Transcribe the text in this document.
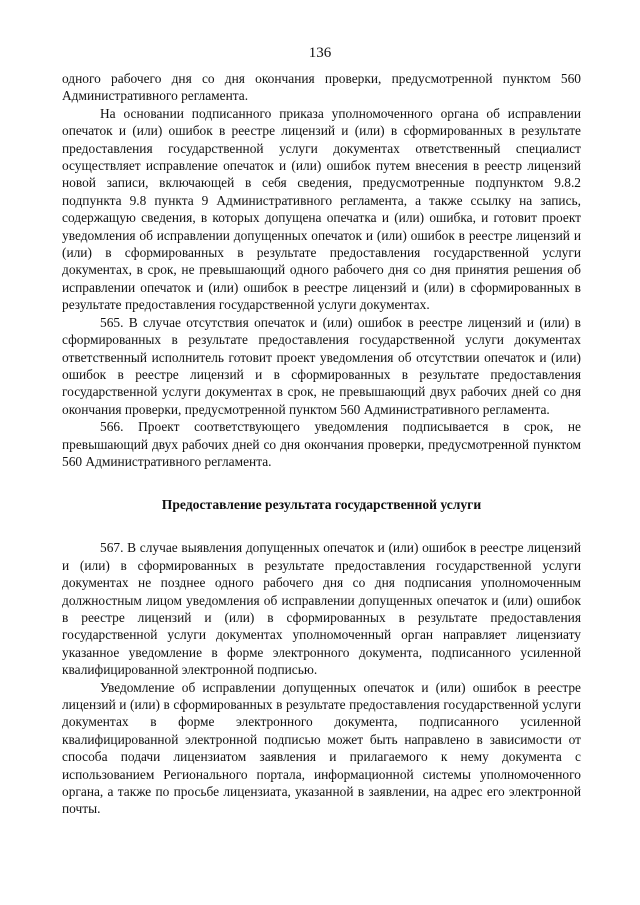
136

одного рабочего дня со дня окончания проверки, предусмотренной пунктом 560 Административного регламента.

На основании подписанного приказа уполномоченного органа об исправлении опечаток и (или) ошибок в реестре лицензий и (или) в сформированных в результате предоставления государственной услуги документах ответственный специалист осуществляет исправление опечаток и (или) ошибок путем внесения в реестр лицензий новой записи, включающей в себя сведения, предусмотренные подпунктом 9.8.2 подпункта 9.8 пункта 9 Административного регламента, а также ссылку на запись, содержащую сведения, в которых допущена опечатка и (или) ошибка, и готовит проект уведомления об исправлении допущенных опечаток и (или) ошибок в реестре лицензий и (или) в сформированных в результате предоставления государственной услуги документах, в срок, не превышающий одного рабочего дня со дня принятия решения об исправлении опечаток и (или) ошибок в реестре лицензий и (или) в сформированных в результате предоставления государственной услуги документах.

565. В случае отсутствия опечаток и (или) ошибок в реестре лицензий и (или) в сформированных в результате предоставления государственной услуги документах ответственный исполнитель готовит проект уведомления об отсутствии опечаток и (или) ошибок в реестре лицензий и в сформированных в результате предоставления государственной услуги документах в срок, не превышающий двух рабочих дней со дня окончания проверки, предусмотренной пунктом 560 Административного регламента.

566. Проект соответствующего уведомления подписывается в срок, не превышающий двух рабочих дней со дня окончания проверки, предусмотренной пунктом 560 Административного регламента.

Предоставление результата государственной услуги

567. В случае выявления допущенных опечаток и (или) ошибок в реестре лицензий и (или) в сформированных в результате предоставления государственной услуги документах не позднее одного рабочего дня со дня подписания уполномоченным должностным лицом уведомления об исправлении допущенных опечаток и (или) ошибок в реестре лицензий и (или) в сформированных в результате предоставления государственной услуги документах уполномоченный орган направляет лицензиату указанное уведомление в форме электронного документа, подписанного усиленной квалифицированной электронной подписью.

Уведомление об исправлении допущенных опечаток и (или) ошибок в реестре лицензий и (или) в сформированных в результате предоставления государственной услуги документах в форме электронного документа, подписанного усиленной квалифицированной электронной подписью может быть направлено в зависимости от способа подачи лицензиатом заявления и прилагаемого к нему документа с использованием Регионального портала, информационной системы уполномоченного органа, а также по просьбе лицензиата, указанной в заявлении, на адрес его электронной почты.
